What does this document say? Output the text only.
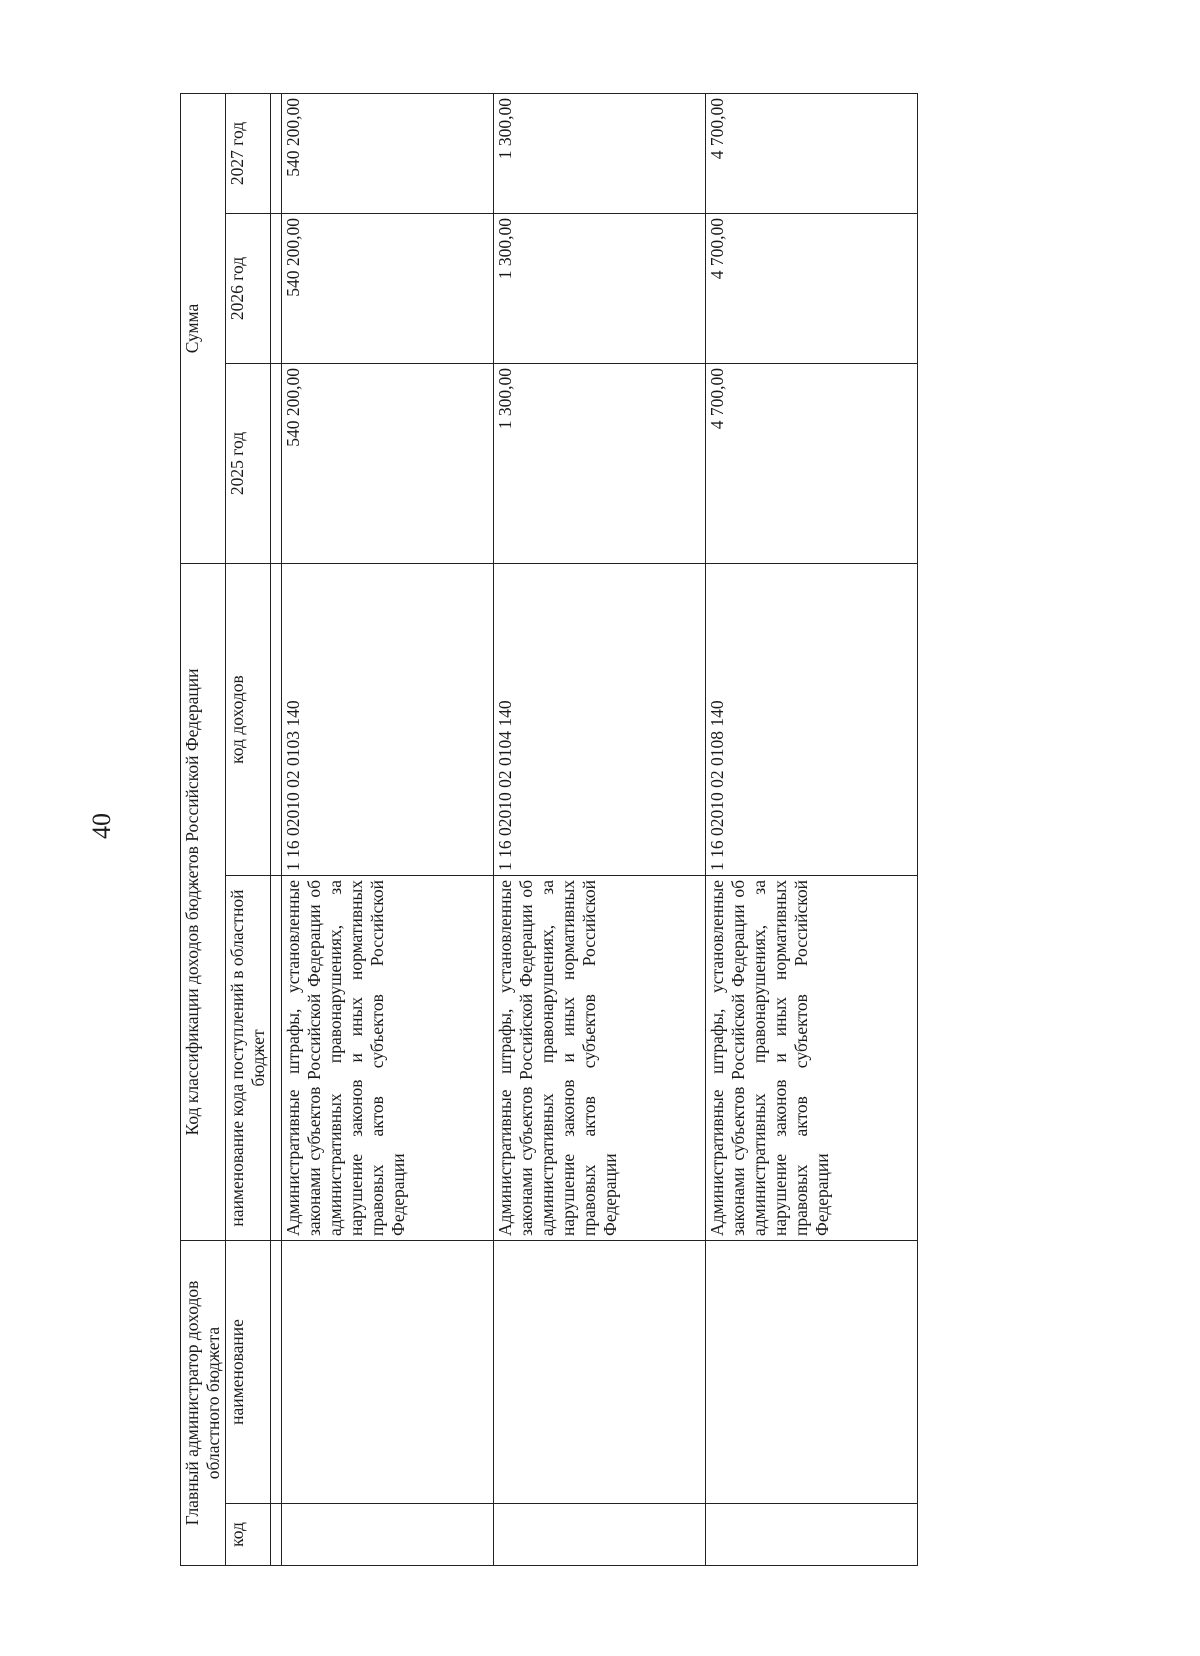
40
Главный администратор доходов областного бюджета		Код классификации доходов бюджетов Российской Федерации		Сумма		
код	наименование	наименование кода поступлений в областной бюджет	код доходов	2025 год	2026 год	2027 год

		Административные штрафы, установленные законами субъектов Российской Федерации об административных правонарушениях, за нарушение законов и иных нормативных правовых актов субъектов Российской Федерации	1 16 02010 02 0103 140	540 200,00	540 200,00	540 200,00
		Административные штрафы, установленные законами субъектов Российской Федерации об административных правонарушениях, за нарушение законов и иных нормативных правовых актов субъектов Российской Федерации	1 16 02010 02 0104 140	1 300,00	1 300,00	1 300,00
		Административные штрафы, установленные законами субъектов Российской Федерации об административных правонарушениях, за нарушение законов и иных нормативных правовых актов субъектов Российской Федерации	1 16 02010 02 0108 140	4 700,00	4 700,00	4 700,00
